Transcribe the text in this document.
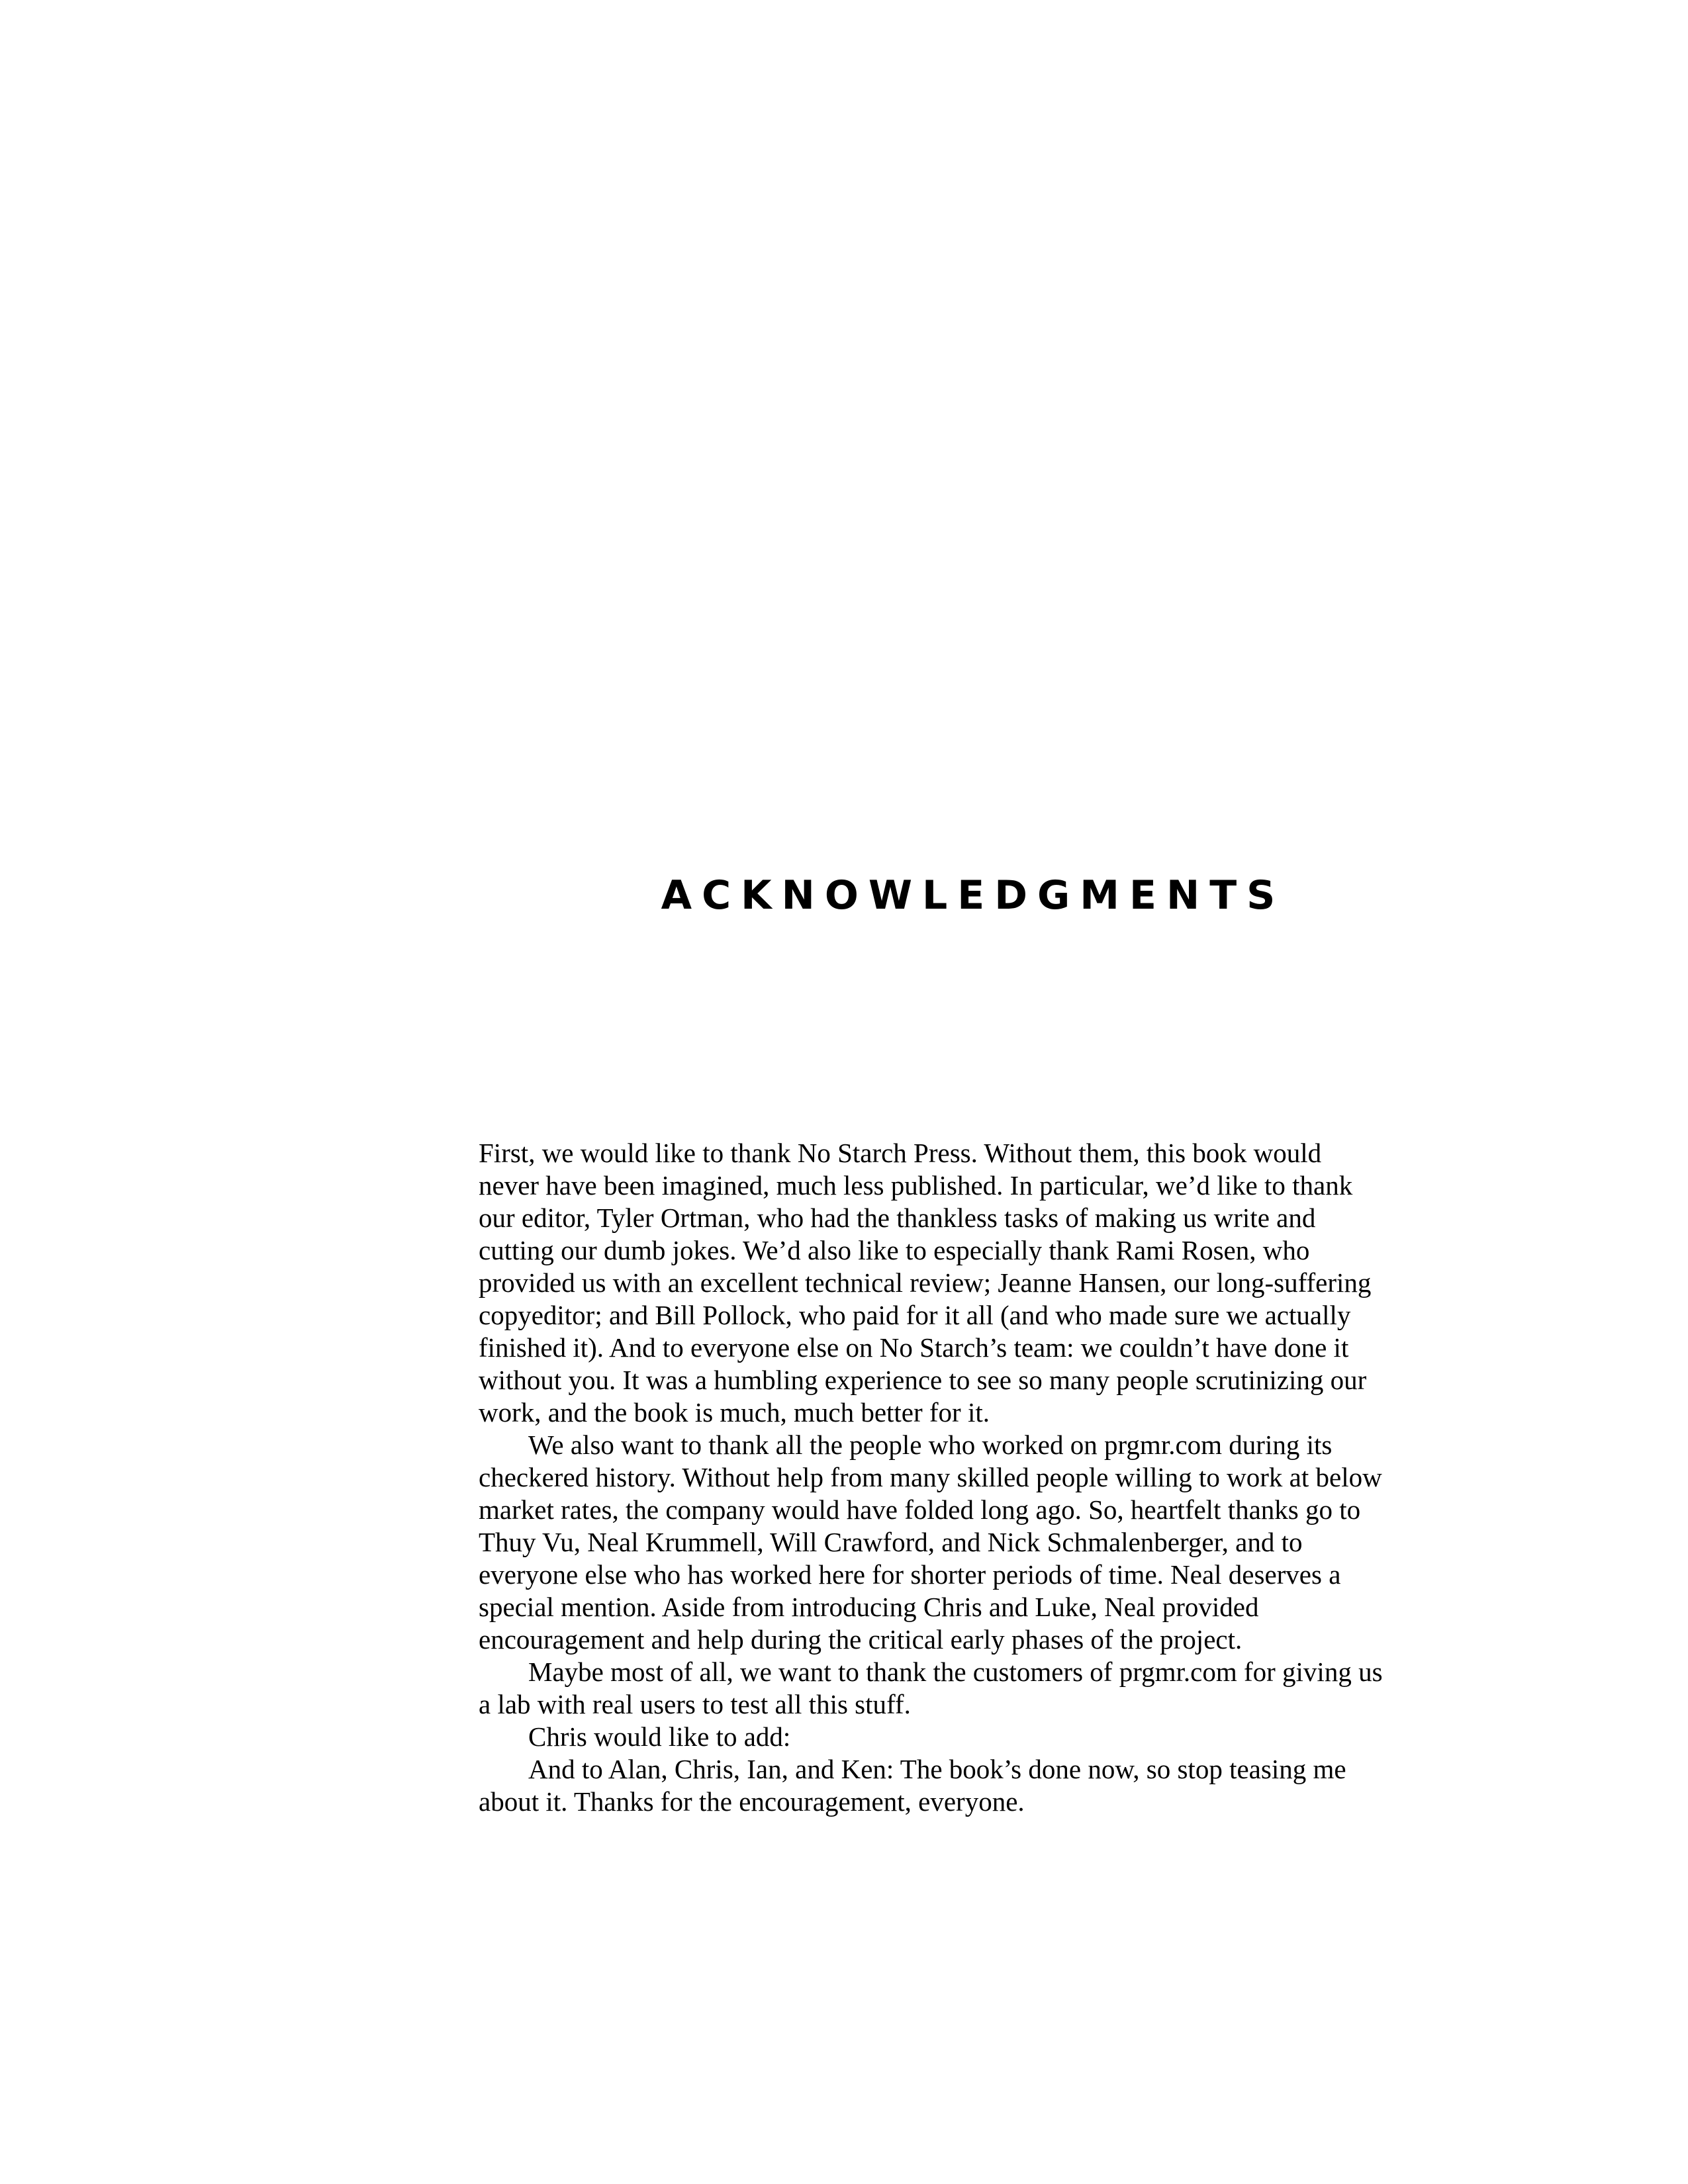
ACKNOWLEDGMENTS

First, we would like to thank No Starch Press. Without them, this book would never have been imagined, much less published. In particular, we’d like to thank our editor, Tyler Ortman, who had the thankless tasks of making us write and cutting our dumb jokes. We’d also like to especially thank Rami Rosen, who provided us with an excellent technical review; Jeanne Hansen, our long-suffering copyeditor; and Bill Pollock, who paid for it all (and who made sure we actually finished it). And to everyone else on No Starch’s team: we couldn’t have done it without you. It was a humbling experience to see so many people scrutinizing our work, and the book is much, much better for it.

We also want to thank all the people who worked on prgmr.com during its checkered history. Without help from many skilled people willing to work at below market rates, the company would have folded long ago. So, heartfelt thanks go to Thuy Vu, Neal Krummell, Will Crawford, and Nick Schmalenberger, and to everyone else who has worked here for shorter periods of time. Neal deserves a special mention. Aside from introducing Chris and Luke, Neal provided encouragement and help during the critical early phases of the project.

Maybe most of all, we want to thank the customers of prgmr.com for giving us a lab with real users to test all this stuff.

Chris would like to add:

And to Alan, Chris, Ian, and Ken: The book’s done now, so stop teasing me about it. Thanks for the encouragement, everyone.
